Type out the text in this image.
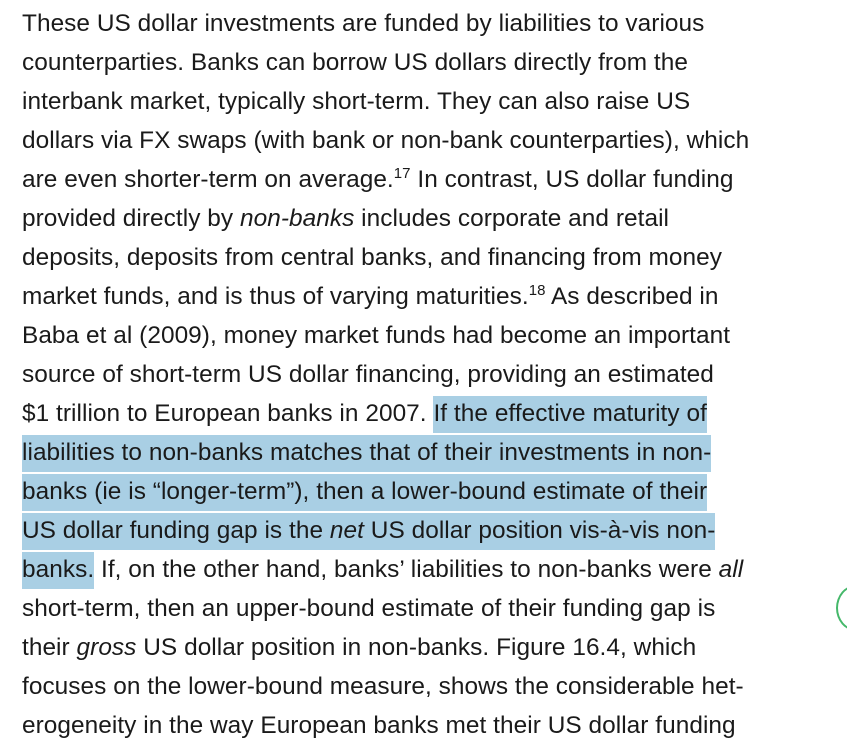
These US dollar investments are funded by liabilities to various
counterparties. Banks can borrow US dollars directly from the
interbank market, typically short-term. They can also raise US
dollars via FX swaps (with bank or non-bank counterparties), which
are even shorter-term on average.$^{17}$ In contrast, US dollar funding
provided directly by non-banks includes corporate and retail
deposits, deposits from central banks, and financing from money
market funds, and is thus of varying maturities.$^{18}$ As described in
Baba et al (2009), money market funds had become an important
source of short-term US dollar financing, providing an estimated
$1 trillion to European banks in 2007. If the effective maturity of
liabilities to non-banks matches that of their investments in non-
banks (ie is “longer-term”), then a lower-bound estimate of their
US dollar funding gap is the net US dollar position vis-à-vis non-
banks. If, on the other hand, banks’ liabilities to non-banks were all
short-term, then an upper-bound estimate of their funding gap is
their gross US dollar position in non-banks. Figure 16.4, which
focuses on the lower-bound measure, shows the considerable het-
erogeneity in the way European banks met their US dollar funding
